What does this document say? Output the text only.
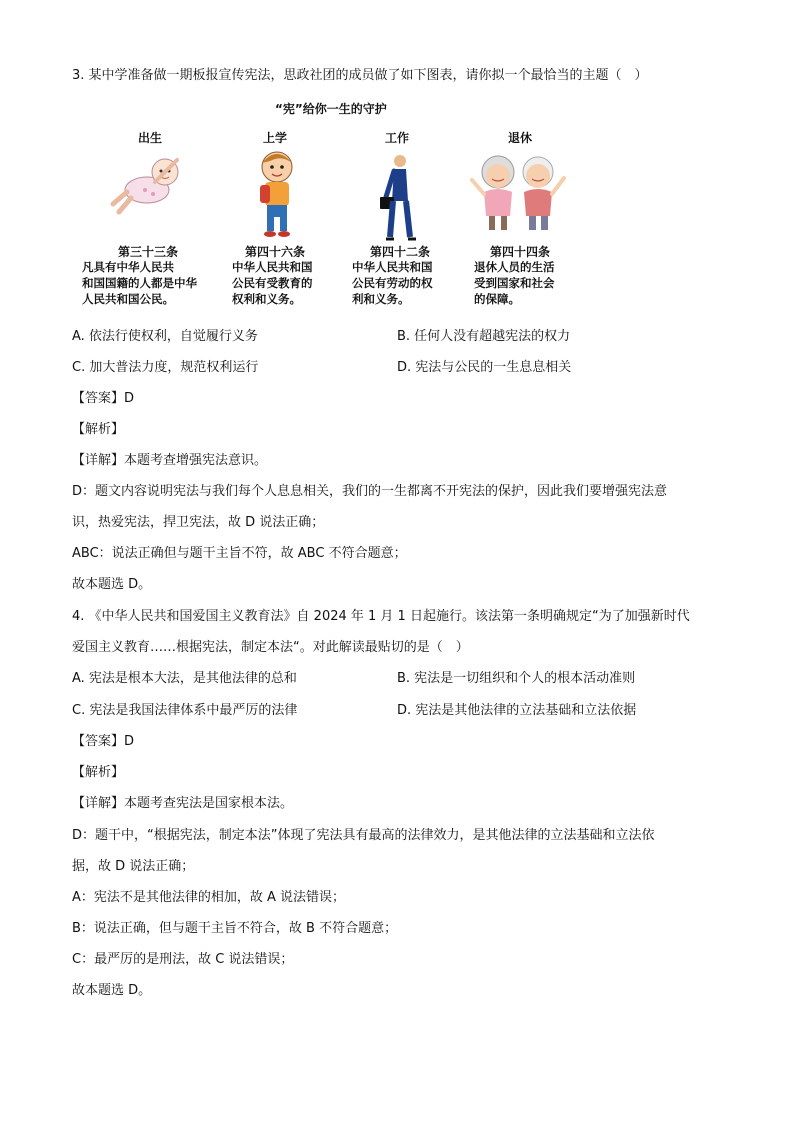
3. 某中学准备做一期板报宣传宪法，思政社团的成员做了如下图表，请你拟一个最恰当的主题（　）
“宪”给你一生的守护
出生	上学	工作	退休
第三十三条	第四十六条	第四十二条	第四十四条
凡具有中华人民共
和国国籍的人都是中华
人民共和国公民。
中华人民共和国
公民有受教育的
权利和义务。
中华人民共和国
公民有劳动的权
利和义务。
退休人员的生活
受到国家和社会
的保障。
A. 依法行使权利，自觉履行义务	B. 任何人没有超越宪法的权力
C. 加大普法力度，规范权利运行	D. 宪法与公民的一生息息相关
【答案】D
【解析】
【详解】本题考查增强宪法意识。
D：题文内容说明宪法与我们每个人息息相关，我们的一生都离不开宪法的保护，因此我们要增强宪法意
识，热爱宪法，捍卫宪法，故 D 说法正确；
ABC：说法正确但与题干主旨不符，故 ABC 不符合题意；
故本题选 D。
4. 《中华人民共和国爱国主义教育法》自 2024 年 1 月 1 日起施行。该法第一条明确规定“为了加强新时代
爱国主义教育……根据宪法，制定本法“。对此解读最贴切的是（　）
A. 宪法是根本大法，是其他法律的总和	B. 宪法是一切组织和个人的根本活动准则
C. 宪法是我国法律体系中最严厉的法律	D. 宪法是其他法律的立法基础和立法依据
【答案】D
【解析】
【详解】本题考查宪法是国家根本法。
D：题干中，“根据宪法，制定本法”体现了宪法具有最高的法律效力，是其他法律的立法基础和立法依
据，故 D 说法正确；
A：宪法不是其他法律的相加，故 A 说法错误；
B：说法正确，但与题干主旨不符合，故 B 不符合题意；
C：最严厉的是刑法，故 C 说法错误；
故本题选 D。
